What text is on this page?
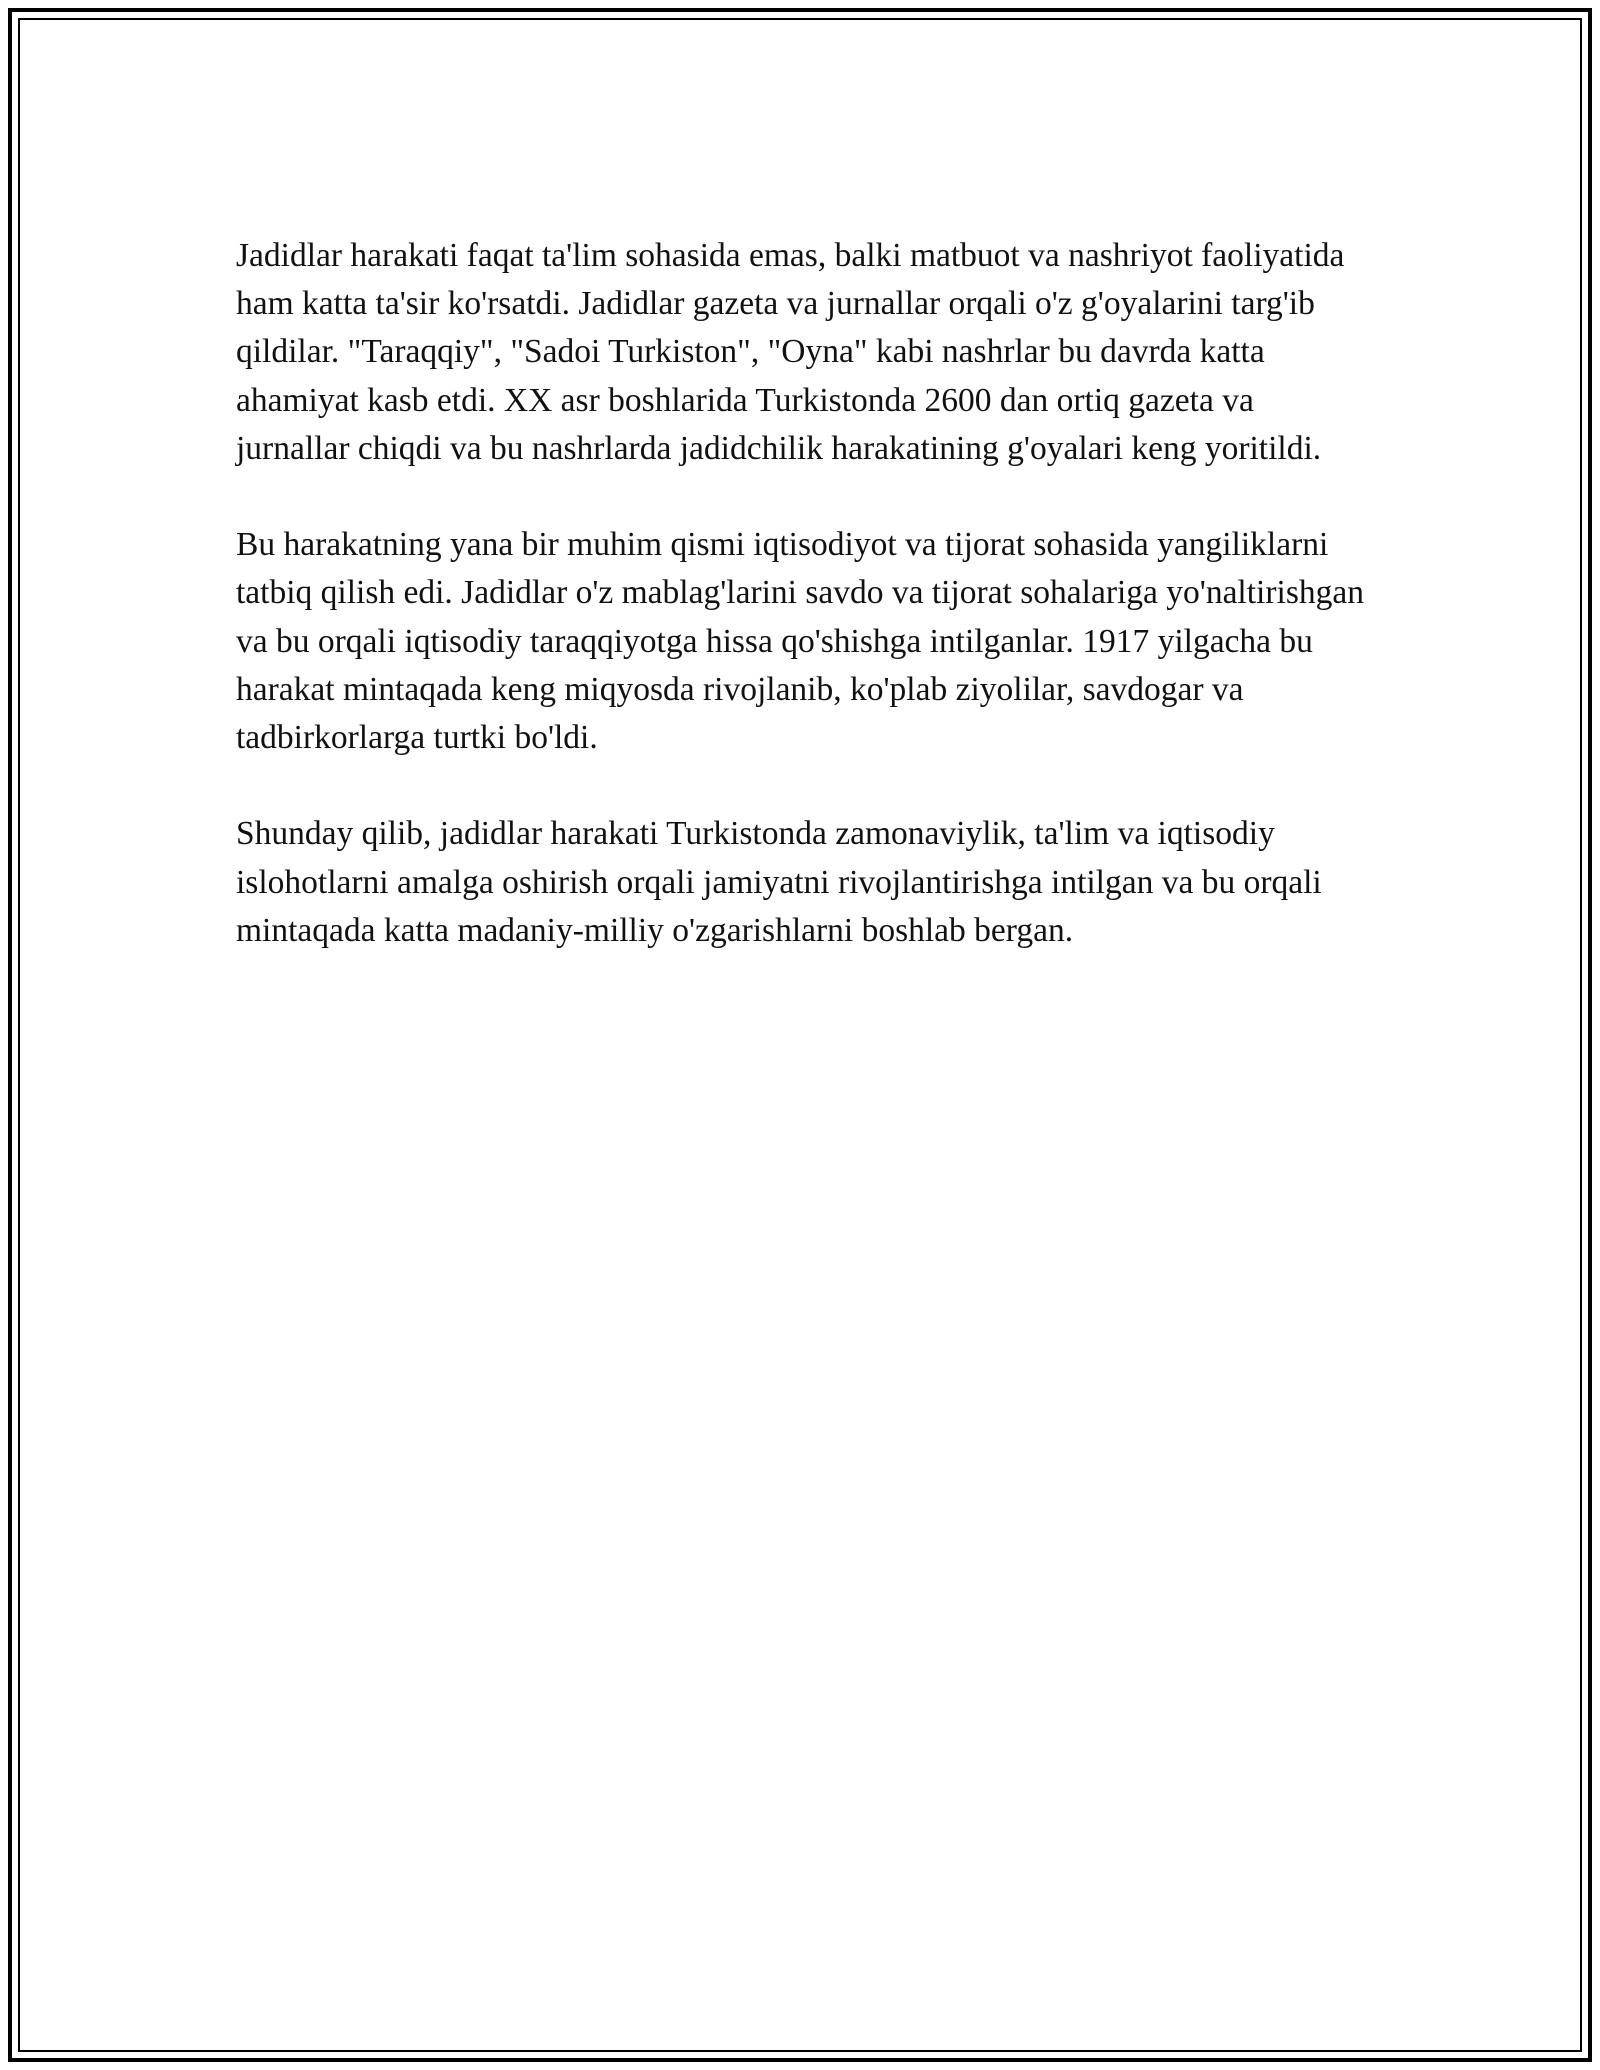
Jadidlar harakati faqat ta'lim sohasida emas, balki matbuot va nashriyot faoliyatida ham katta ta'sir ko'rsatdi. Jadidlar gazeta va jurnallar orqali o'z g'oyalarini targ'ib qildilar. "Taraqqiy", "Sadoi Turkiston", "Oyna" kabi nashrlar bu davrda katta ahamiyat kasb etdi. XX asr boshlarida Turkistonda 2600 dan ortiq gazeta va jurnallar chiqdi va bu nashrlarda jadidchilik harakatining g'oyalari keng yoritildi.

Bu harakatning yana bir muhim qismi iqtisodiyot va tijorat sohasida yangiliklarni tatbiq qilish edi. Jadidlar o'z mablag'larini savdo va tijorat sohalariga yo'naltirishgan va bu orqali iqtisodiy taraqqiyotga hissa qo'shishga intilganlar. 1917 yilgacha bu harakat mintaqada keng miqyosda rivojlanib, ko'plab ziyolilar, savdogar va tadbirkorlarga turtki bo'ldi.

Shunday qilib, jadidlar harakati Turkistonda zamonaviylik, ta'lim va iqtisodiy islohotlarni amalga oshirish orqali jamiyatni rivojlantirishga intilgan va bu orqali mintaqada katta madaniy-milliy o'zgarishlarni boshlab bergan.
